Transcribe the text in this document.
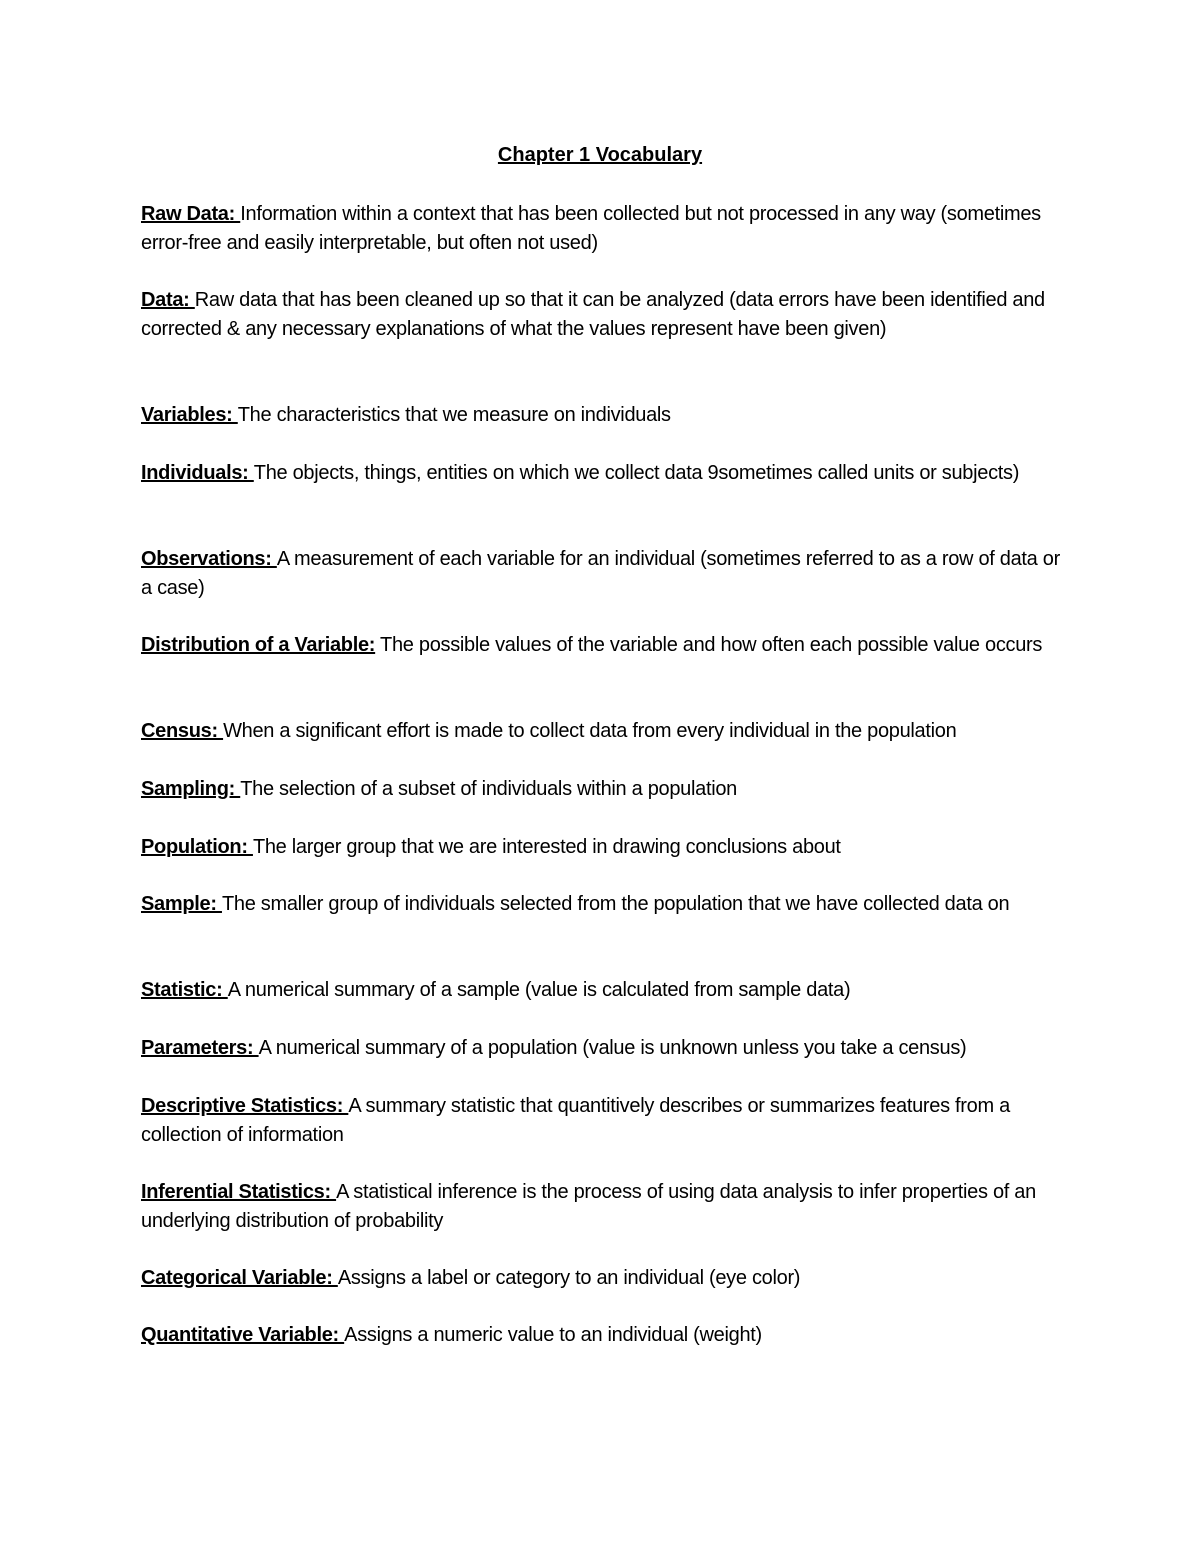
Chapter 1 Vocabulary

Raw Data: Information within a context that has been collected but not processed in any way (sometimes error-free and easily interpretable, but often not used)

Data: Raw data that has been cleaned up so that it can be analyzed (data errors have been identified and corrected & any necessary explanations of what the values represent have been given)

Variables: The characteristics that we measure on individuals

Individuals: The objects, things, entities on which we collect data 9sometimes called units or subjects)

Observations: A measurement of each variable for an individual (sometimes referred to as a row of data or a case)

Distribution of a Variable: The possible values of the variable and how often each possible value occurs

Census: When a significant effort is made to collect data from every individual in the population

Sampling: The selection of a subset of individuals within a population

Population: The larger group that we are interested in drawing conclusions about

Sample: The smaller group of individuals selected from the population that we have collected data on

Statistic: A numerical summary of a sample (value is calculated from sample data)

Parameters: A numerical summary of a population (value is unknown unless you take a census)

Descriptive Statistics: A summary statistic that quantitively describes or summarizes features from a collection of information

Inferential Statistics: A statistical inference is the process of using data analysis to infer properties of an underlying distribution of probability

Categorical Variable: Assigns a label or category to an individual (eye color)

Quantitative Variable: Assigns a numeric value to an individual (weight)
